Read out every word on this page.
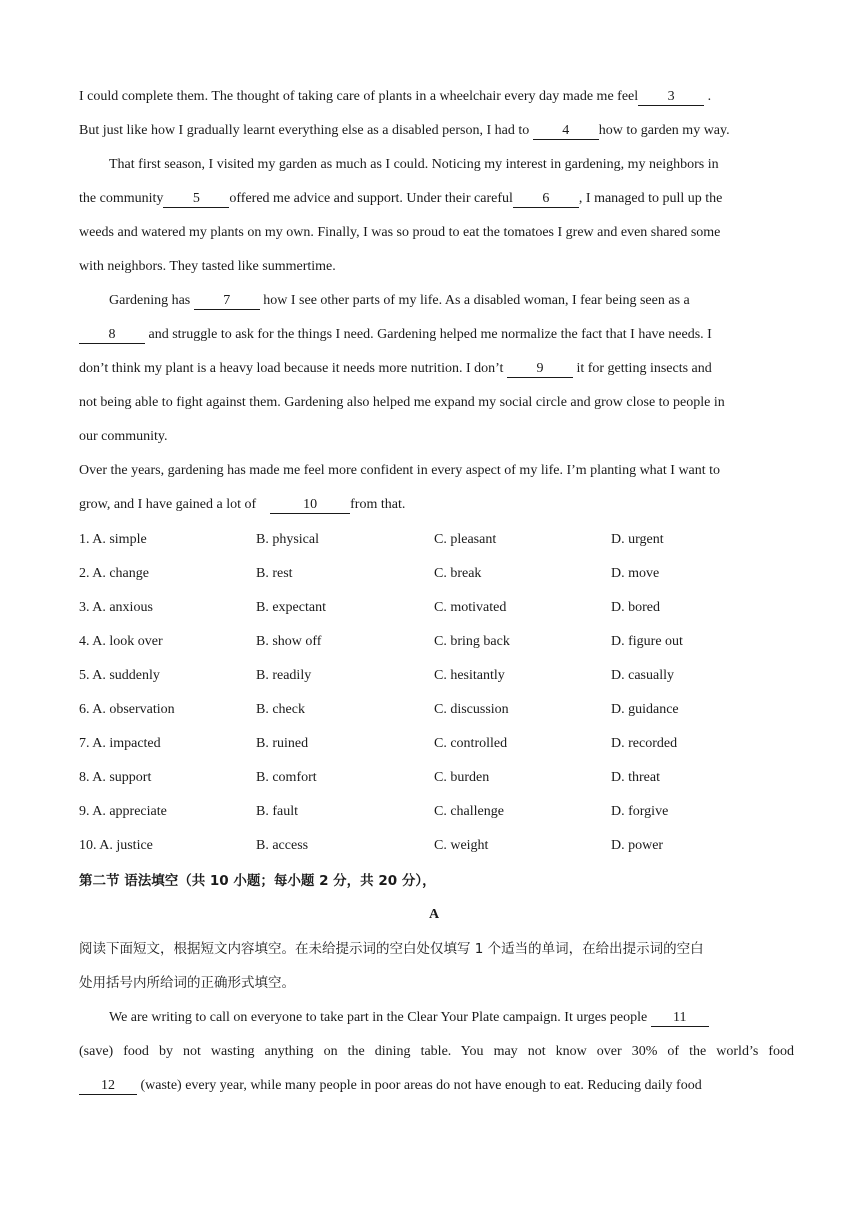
I could complete them. The thought of taking care of plants in a wheelchair every day made me feel 3 .
But just like how I gradually learnt everything else as a disabled person, I had to 4 how to garden my way.
That first season, I visited my garden as much as I could. Noticing my interest in gardening, my neighbors in
the community 5 offered me advice and support. Under their careful 6 , I managed to pull up the
weeds and watered my plants on my own. Finally, I was so proud to eat the tomatoes I grew and even shared some
with neighbors. They tasted like summertime.
Gardening has 7 how I see other parts of my life. As a disabled woman, I fear being seen as a
8 and struggle to ask for the things I need. Gardening helped me normalize the fact that I have needs. I
don’t think my plant is a heavy load because it needs more nutrition. I don’t 9 it for getting insects and
not being able to fight against them. Gardening also helped me expand my social circle and grow close to people in
our community.
Over the years, gardening has made me feel more confident in every aspect of my life. I’m planting what I want to
grow, and I have gained a lot of	10 from that.
1. A. simple	B. physical	C. pleasant	D. urgent
2. A. change	B. rest	C. break	D. move
3. A. anxious	B. expectant	C. motivated	D. bored
4. A. look over	B. show off	C. bring back	D. figure out
5. A. suddenly	B. readily	C. hesitantly	D. casually
6. A. observation	B. check	C. discussion	D. guidance
7. A. impacted	B. ruined	C. controlled	D. recorded
8. A. support	B. comfort	C. burden	D. threat
9. A. appreciate	B. fault	C. challenge	D. forgive
10. A. justice	B. access	C. weight	D. power
第二节 语法填空（共 10 小题；每小题 2 分，共 20 分），
A
阅读下面短文，根据短文内容填空。在未给提示词的空白处仅填写 1 个适当的单词，在给出提示词的空白
处用括号内所给词的正确形式填空。
We are writing to call on everyone to take part in the Clear Your Plate campaign. It urges people 11
(save) food by not wasting anything on the dining table. You may not know over 30% of the world’s food
12 (waste) every year, while many people in poor areas do not have enough to eat. Reducing daily food
